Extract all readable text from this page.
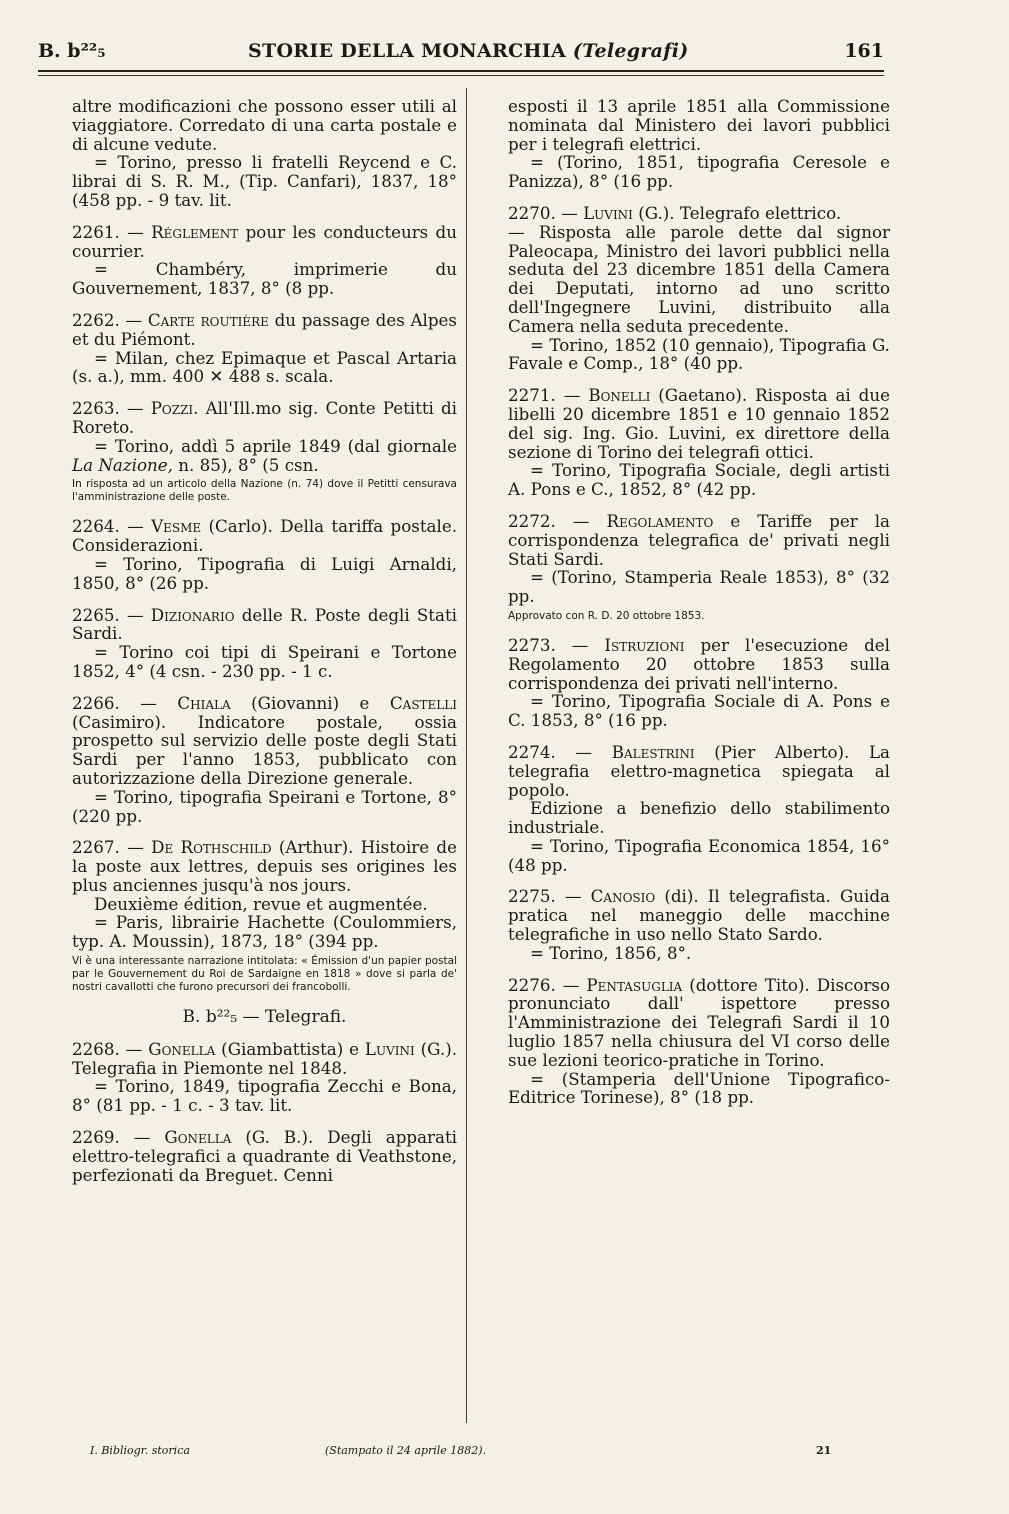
B. b²²₅	STORIE DELLA MONARCHIA (Telegrafi)	161

altre modificazioni che possono esser utili al viaggiatore. Corredato di una carta postale e di alcune vedute.

= Torino, presso li fratelli Reycend e C. librai di S. R. M., (Tip. Canfari), 1837, 18° (458 pp. - 9 tav. lit.

2261. — Réglement pour les conducteurs du courrier.

= Chambéry, imprimerie du Gouvernement, 1837, 8° (8 pp.

2262. — Carte routière du passage des Alpes et du Piémont.

= Milan, chez Epimaque et Pascal Artaria (s. a.), mm. 400 ✕ 488 s. scala.

2263. — Pozzi. All'Ill.mo sig. Conte Petitti di Roreto.

= Torino, addì 5 aprile 1849 (dal giornale La Nazione, n. 85), 8° (5 csn.

In risposta ad un articolo della Nazione (n. 74) dove il Petitti censurava l'amministrazione delle poste.

2264. — Vesme (Carlo). Della tariffa postale. Considerazioni.

= Torino, Tipografia di Luigi Arnaldi, 1850, 8° (26 pp.

2265. — Dizionario delle R. Poste degli Stati Sardi.

= Torino coi tipi di Speirani e Tortone 1852, 4° (4 csn. - 230 pp. - 1 c.

2266. — Chiala (Giovanni) e Castelli (Casimiro). Indicatore postale, ossia prospetto sul servizio delle poste degli Stati Sardi per l'anno 1853, pubblicato con autorizzazione della Direzione generale.

= Torino, tipografia Speirani e Tortone, 8° (220 pp.

2267. — De Rothschild (Arthur). Histoire de la poste aux lettres, depuis ses origines les plus anciennes jusqu'à nos jours.

Deuxième édition, revue et augmentée.

= Paris, librairie Hachette (Coulommiers, typ. A. Moussin), 1873, 18° (394 pp.

Vi è una interessante narrazione intitolata: « Émission d'un papier postal par le Gouvernement du Roi de Sardaigne en 1818 » dove si parla de' nostri cavallotti che furono precursori dei francobolli.

B. b²²₅ — Telegrafi.

2268. — Gonella (Giambattista) e Luvini (G.). Telegrafia in Piemonte nel 1848.

= Torino, 1849, tipografia Zecchi e Bona, 8° (81 pp. - 1 c. - 3 tav. lit.

2269. — Gonella (G. B.). Degli apparati elettro-telegrafici a quadrante di Veathstone, perfezionati da Breguet. Cenni

esposti il 13 aprile 1851 alla Commissione nominata dal Ministero dei lavori pubblici per i telegrafi elettrici.

= (Torino, 1851, tipografia Ceresole e Panizza), 8° (16 pp.

2270. — Luvini (G.). Telegrafo elettrico.

— Risposta alle parole dette dal signor Paleocapa, Ministro dei lavori pubblici nella seduta del 23 dicembre 1851 della Camera dei Deputati, intorno ad uno scritto dell'Ingegnere Luvini, distribuito alla Camera nella seduta precedente.

= Torino, 1852 (10 gennaio), Tipografia G. Favale e Comp., 18° (40 pp.

2271. — Bonelli (Gaetano). Risposta ai due libelli 20 dicembre 1851 e 10 gennaio 1852 del sig. Ing. Gio. Luvini, ex direttore della sezione di Torino dei telegrafi ottici.

= Torino, Tipografia Sociale, degli artisti A. Pons e C., 1852, 8° (42 pp.

2272. — Regolamento e Tariffe per la corrispondenza telegrafica de' privati negli Stati Sardi.

= (Torino, Stamperia Reale 1853), 8° (32 pp.

Approvato con R. D. 20 ottobre 1853.

2273. — Istruzioni per l'esecuzione del Regolamento 20 ottobre 1853 sulla corrispondenza dei privati nell'interno.

= Torino, Tipografia Sociale di A. Pons e C. 1853, 8° (16 pp.

2274. — Balestrini (Pier Alberto). La telegrafia elettro-magnetica spiegata al popolo.

Edizione a benefizio dello stabilimento industriale.

= Torino, Tipografia Economica 1854, 16° (48 pp.

2275. — Canosio (di). Il telegrafista. Guida pratica nel maneggio delle macchine telegrafiche in uso nello Stato Sardo.

= Torino, 1856, 8°.

2276. — Pentasuglia (dottore Tito). Discorso pronunciato dall' ispettore presso l'Amministrazione dei Telegrafi Sardi il 10 luglio 1857 nella chiusura del VI corso delle sue lezioni teorico-pratiche in Torino.

= (Stamperia dell'Unione Tipografico-Editrice Torinese), 8° (18 pp.

I. Bibliogr. storica	(Stampato il 24 aprile 1882).	21
